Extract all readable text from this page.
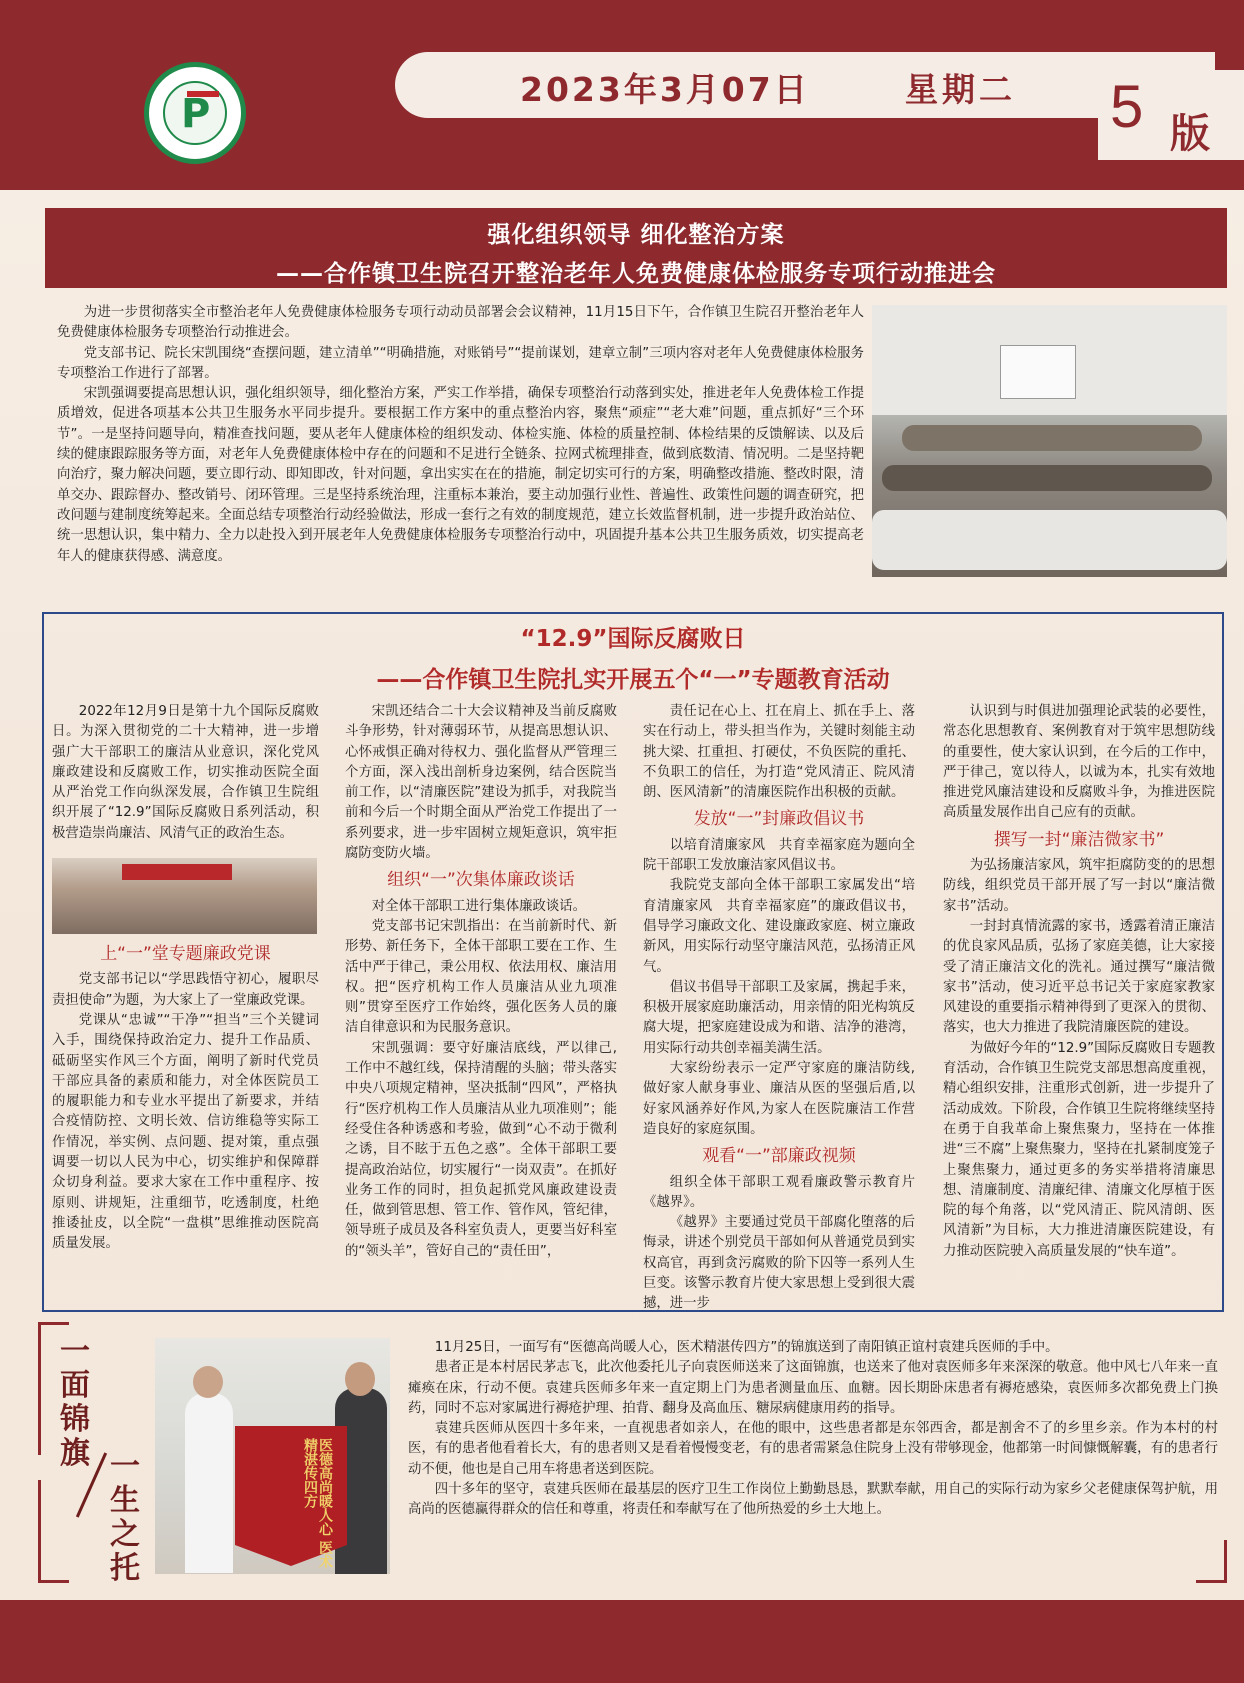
2023年3月07日	星期二 5 版
P
强化组织领导 细化整治方案
——合作镇卫生院召开整治老年人免费健康体检服务专项行动推进会

为进一步贯彻落实全市整治老年人免费健康体检服务专项行动动员部署会会议精神，11月15日下午，合作镇卫生院召开整治老年人免费健康体检服务专项整治行动推进会。

党支部书记、院长宋凯围绕“查摆问题，建立清单”“明确措施，对账销号”“提前谋划，建章立制”三项内容对老年人免费健康体检服务专项整治工作进行了部署。

宋凯强调要提高思想认识，强化组织领导，细化整治方案，严实工作举措，确保专项整治行动落到实处，推进老年人免费体检工作提质增效，促进各项基本公共卫生服务水平同步提升。要根据工作方案中的重点整治内容，聚焦“顽症”“老大难”问题，重点抓好“三个环节”。一是坚持问题导向，精准查找问题，要从老年人健康体检的组织发动、体检实施、体检的质量控制、体检结果的反馈解读、以及后续的健康跟踪服务等方面，对老年人免费健康体检中存在的问题和不足进行全链条、拉网式梳理排查，做到底数清、情况明。二是坚持靶向治疗，聚力解决问题，要立即行动、即知即改，针对问题，拿出实实在在的措施，制定切实可行的方案，明确整改措施、整改时限，清单交办、跟踪督办、整改销号、闭环管理。三是坚持系统治理，注重标本兼治，要主动加强行业性、普遍性、政策性问题的调查研究，把改问题与建制度统筹起来。全面总结专项整治行动经验做法，形成一套行之有效的制度规范，建立长效监督机制，进一步提升政治站位、统一思想认识，集中精力、全力以赴投入到开展老年人免费健康体检服务专项整治行动中，巩固提升基本公共卫生服务质效，切实提高老年人的健康获得感、满意度。

“12.9”国际反腐败日
——合作镇卫生院扎实开展五个“一”专题教育活动

2022年12月9日是第十九个国际反腐败日。为深入贯彻党的二十大精神，进一步增强广大干部职工的廉洁从业意识，深化党风廉政建设和反腐败工作，切实推动医院全面从严治党工作向纵深发展，合作镇卫生院组织开展了“12.9”国际反腐败日系列活动，积极营造崇尚廉洁、风清气正的政治生态。

上“一”堂专题廉政党课

党支部书记以“学思践悟守初心，履职尽责担使命”为题，为大家上了一堂廉政党课。

党课从“忠诚”“干净”“担当”三个关键词入手，围绕保持政治定力、提升工作品质、砥砺坚实作风三个方面，阐明了新时代党员干部应具备的素质和能力，对全体医院员工的履职能力和专业水平提出了新要求，并结合疫情防控、文明长效、信访维稳等实际工作情况，举实例、点问题、提对策，重点强调要一切以人民为中心，切实维护和保障群众切身利益。要求大家在工作中重程序、按原则、讲规矩，注重细节，吃透制度，杜绝推诿扯皮，以全院“一盘棋”思维推动医院高质量发展。

宋凯还结合二十大会议精神及当前反腐败斗争形势，针对薄弱环节，从提高思想认识、心怀戒惧正确对待权力、强化监督从严管理三个方面，深入浅出剖析身边案例，结合医院当前工作，以“清廉医院”建设为抓手，对我院当前和今后一个时期全面从严治党工作提出了一系列要求，进一步牢固树立规矩意识，筑牢拒腐防变防火墙。

组织“一”次集体廉政谈话

对全体干部职工进行集体廉政谈话。

党支部书记宋凯指出：在当前新时代、新形势、新任务下，全体干部职工要在工作、生活中严于律己，秉公用权、依法用权、廉洁用权。把“医疗机构工作人员廉洁从业九项准则”贯穿至医疗工作始终，强化医务人员的廉洁自律意识和为民服务意识。

宋凯强调：要守好廉洁底线，严以律己,工作中不越红线，保持清醒的头脑；带头落实中央八项规定精神，坚决抵制“四风”，严格执行“医疗机构工作人员廉洁从业九项准则”；能经受住各种诱惑和考验，做到“心不动于微利之诱，目不眩于五色之惑”。全体干部职工要提高政治站位，切实履行“一岗双责”。在抓好业务工作的同时，担负起抓党风廉政建设责任，做到管思想、管工作、管作风，管纪律，领导班子成员及各科室负责人，更要当好科室的“领头羊”，管好自己的“责任田”，

责任记在心上、扛在肩上、抓在手上、落实在行动上，带头担当作为，关键时刻能主动挑大梁、扛重担、打硬仗，不负医院的重托、不负职工的信任，为打造“党风清正、院风清朗、医风清新”的清廉医院作出积极的贡献。

发放“一”封廉政倡议书

以培育清廉家风　共育幸福家庭为题向全院干部职工发放廉洁家风倡议书。

我院党支部向全体干部职工家属发出“培育清廉家风　共育幸福家庭”的廉政倡议书，倡导学习廉政文化、建设廉政家庭、树立廉政新风，用实际行动坚守廉洁风范，弘扬清正风气。

倡议书倡导干部职工及家属，携起手来，积极开展家庭助廉活动，用亲情的阳光构筑反腐大堤，把家庭建设成为和谐、洁净的港湾，用实际行动共创幸福美满生活。

大家纷纷表示一定严守家庭的廉洁防线,做好家人献身事业、廉洁从医的坚强后盾,以好家风涵养好作风,为家人在医院廉洁工作营造良好的家庭氛围。

观看“一”部廉政视频

组织全体干部职工观看廉政警示教育片《越界》。

《越界》主要通过党员干部腐化堕落的后悔录，讲述个别党员干部如何从普通党员到实权高官，再到贪污腐败的阶下囚等一系列人生巨变。该警示教育片使大家思想上受到很大震撼，进一步

认识到与时俱进加强理论武装的必要性，常态化思想教育、案例教育对于筑牢思想防线的重要性，使大家认识到，在今后的工作中，严于律己，宽以待人，以诚为本，扎实有效地推进党风廉洁建设和反腐败斗争，为推进医院高质量发展作出自己应有的贡献。

撰写一封“廉洁微家书”

为弘扬廉洁家风，筑牢拒腐防变的的思想防线，组织党员干部开展了写一封以“廉洁微家书”活动。

一封封真情流露的家书，透露着清正廉洁的优良家风品质，弘扬了家庭美德，让大家接受了清正廉洁文化的洗礼。通过撰写“廉洁微家书”活动，使习近平总书记关于家庭家教家风建设的重要指示精神得到了更深入的贯彻、落实，也大力推进了我院清廉医院的建设。

为做好今年的“12.9”国际反腐败日专题教育活动，合作镇卫生院党支部思想高度重视，精心组织安排，注重形式创新，进一步提升了活动成效。下阶段，合作镇卫生院将继续坚持在勇于自我革命上聚焦聚力，坚持在一体推进“三不腐”上聚焦聚力，坚持在扎紧制度笼子上聚焦聚力，通过更多的务实举措将清廉思想、清廉制度、清廉纪律、清廉文化厚植于医院的每个角落，以“党风清正、院风清朗、医风清新”为目标，大力推进清廉医院建设，有力推动医院驶入高质量发展的“快车道”。

一面锦旗 一生之托
医德高尚暖人心 医术精湛传四方

11月25日，一面写有“医德高尚暖人心，医术精湛传四方”的锦旗送到了南阳镇正谊村袁建兵医师的手中。

患者正是本村居民茅志飞，此次他委托儿子向袁医师送来了这面锦旗，也送来了他对袁医师多年来深深的敬意。他中风七八年来一直瘫痪在床，行动不便。袁建兵医师多年来一直定期上门为患者测量血压、血糖。因长期卧床患者有褥疮感染，袁医师多次都免费上门换药，同时不忘对家属进行褥疮护理、拍背、翻身及高血压、糖尿病健康用药的指导。

袁建兵医师从医四十多年来，一直视患者如亲人，在他的眼中，这些患者都是东邻西舍，都是割舍不了的乡里乡亲。作为本村的村医，有的患者他看着长大，有的患者则又是看着慢慢变老，有的患者需紧急住院身上没有带够现金，他都第一时间慷慨解囊，有的患者行动不便，他也是自己用车将患者送到医院。

四十多年的坚守，袁建兵医师在最基层的医疗卫生工作岗位上勤勤恳恳，默默奉献，用自己的实际行动为家乡父老健康保驾护航，用高尚的医德赢得群众的信任和尊重，将责任和奉献写在了他所热爱的乡土大地上。
